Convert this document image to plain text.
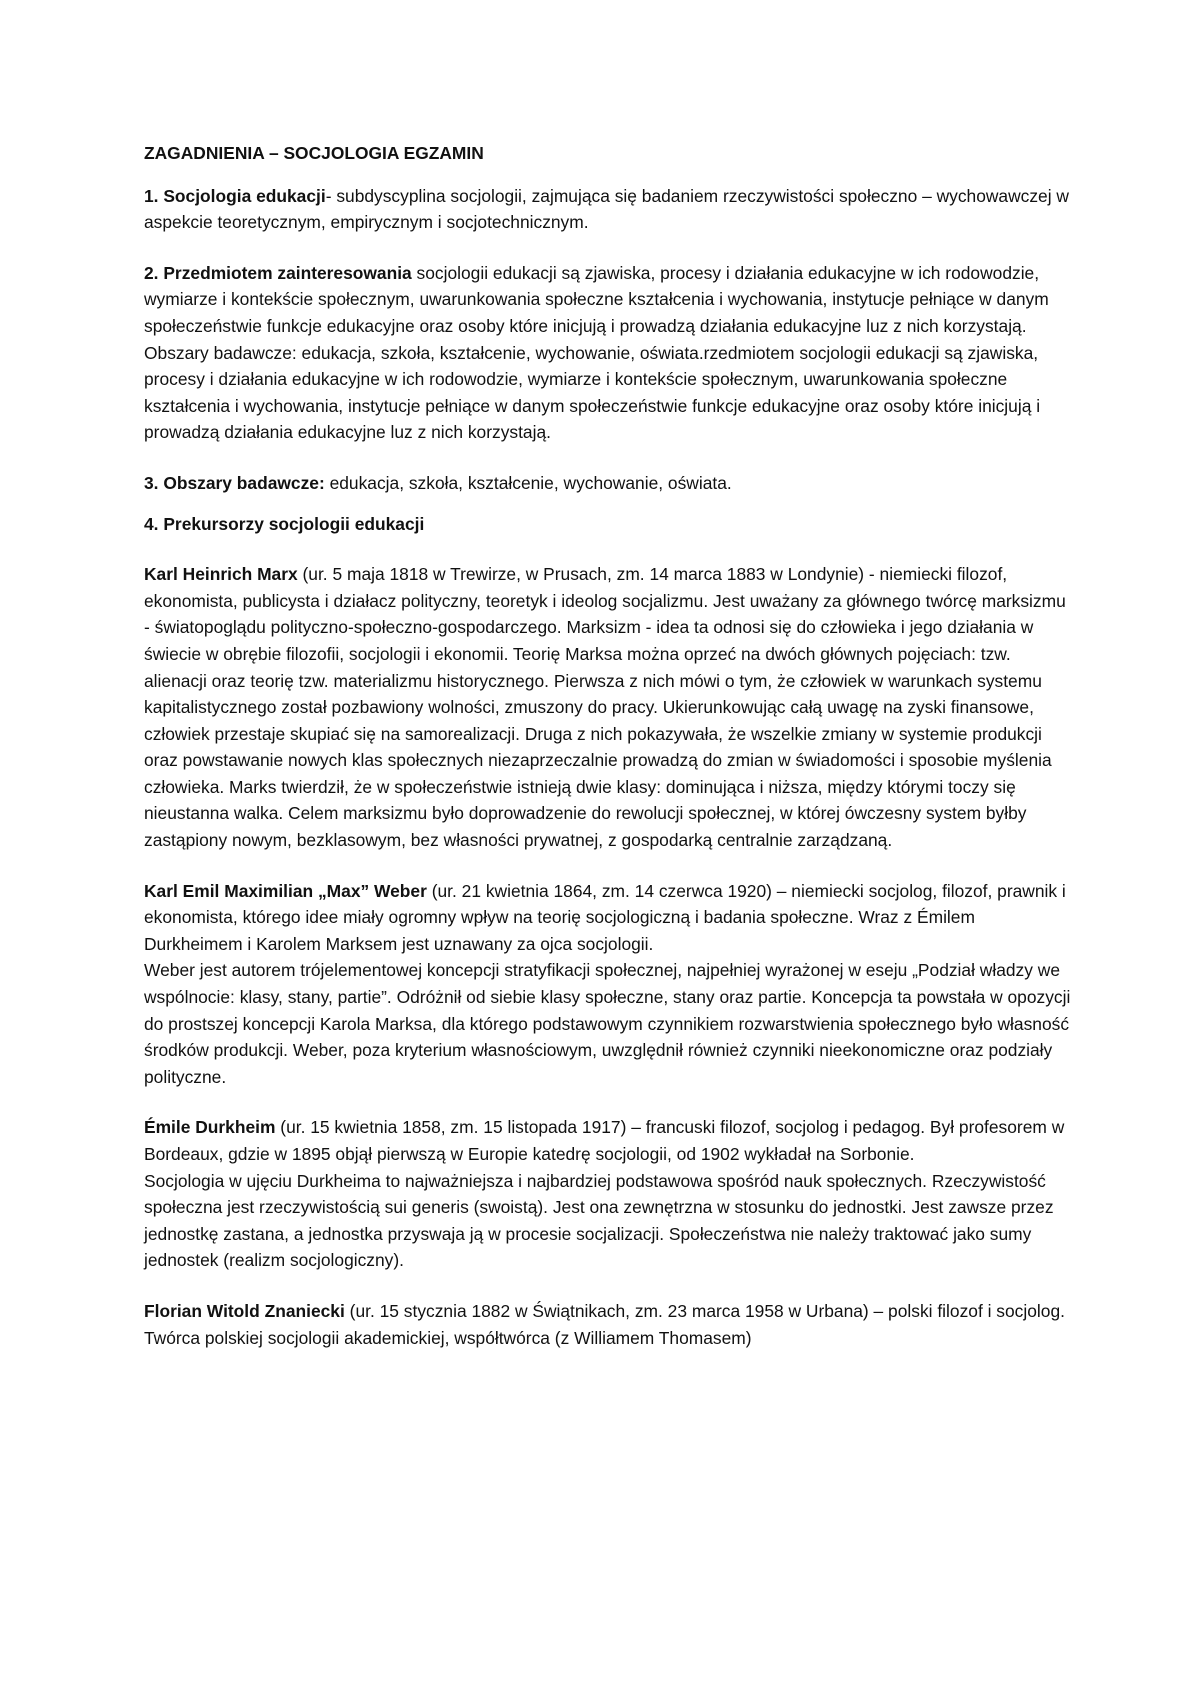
ZAGADNIENIA – SOCJOLOGIA EGZAMIN

1. Socjologia edukacji- subdyscyplina socjologii, zajmująca się badaniem rzeczywistości społeczno – wychowawczej w aspekcie teoretycznym, empirycznym i socjotechnicznym.

2. Przedmiotem zainteresowania socjologii edukacji są zjawiska, procesy i działania edukacyjne w ich rodowodzie, wymiarze i kontekście społecznym, uwarunkowania społeczne kształcenia i wychowania, instytucje pełniące w danym społeczeństwie funkcje edukacyjne oraz osoby które inicjują i prowadzą działania edukacyjne luz z nich korzystają. Obszary badawcze: edukacja, szkoła, kształcenie, wychowanie, oświata.rzedmiotem socjologii edukacji są zjawiska, procesy i działania edukacyjne w ich rodowodzie, wymiarze i kontekście społecznym, uwarunkowania społeczne kształcenia i wychowania, instytucje pełniące w danym społeczeństwie funkcje edukacyjne oraz osoby które inicjują i prowadzą działania edukacyjne luz z nich korzystają.

3. Obszary badawcze: edukacja, szkoła, kształcenie, wychowanie, oświata.

4. Prekursorzy socjologii edukacji

Karl Heinrich Marx (ur. 5 maja 1818 w Trewirze, w Prusach, zm. 14 marca 1883 w Londynie) - niemiecki filozof, ekonomista, publicysta i działacz polityczny, teoretyk i ideolog socjalizmu. Jest uważany za głównego twórcę marksizmu - światopoglądu polityczno-społeczno-gospodarczego. Marksizm - idea ta odnosi się do człowieka i jego działania w świecie w obrębie filozofii, socjologii i ekonomii. Teorię Marksa można oprzeć na dwóch głównych pojęciach: tzw. alienacji oraz teorię tzw. materializmu historycznego. Pierwsza z nich mówi o tym, że człowiek w warunkach systemu kapitalistycznego został pozbawiony wolności, zmuszony do pracy. Ukierunkowując całą uwagę na zyski finansowe, człowiek przestaje skupiać się na samorealizacji. Druga z nich pokazywała, że wszelkie zmiany w systemie produkcji oraz powstawanie nowych klas społecznych niezaprzeczalnie prowadzą do zmian w świadomości i sposobie myślenia człowieka. Marks twierdził, że w społeczeństwie istnieją dwie klasy: dominująca i niższa, między którymi toczy się nieustanna walka. Celem marksizmu było doprowadzenie do rewolucji społecznej, w której ówczesny system byłby zastąpiony nowym, bezklasowym, bez własności prywatnej, z gospodarką centralnie zarządzaną.

Karl Emil Maximilian „Max” Weber (ur. 21 kwietnia 1864, zm. 14 czerwca 1920) – niemiecki socjolog, filozof, prawnik i ekonomista, którego idee miały ogromny wpływ na teorię socjologiczną i badania społeczne. Wraz z Émilem Durkheimem i Karolem Marksem jest uznawany za ojca socjologii.

Weber jest autorem trójelementowej koncepcji stratyfikacji społecznej, najpełniej wyrażonej w eseju „Podział władzy we wspólnocie: klasy, stany, partie”. Odróżnił od siebie klasy społeczne, stany oraz partie. Koncepcja ta powstała w opozycji do prostszej koncepcji Karola Marksa, dla którego podstawowym czynnikiem rozwarstwienia społecznego było własność środków produkcji. Weber, poza kryterium własnościowym, uwzględnił również czynniki nieekonomiczne oraz podziały polityczne.

Émile Durkheim (ur. 15 kwietnia 1858, zm. 15 listopada 1917) – francuski filozof, socjolog i pedagog. Był profesorem w Bordeaux, gdzie w 1895 objął pierwszą w Europie katedrę socjologii, od 1902 wykładał na Sorbonie.

Socjologia w ujęciu Durkheima to najważniejsza i najbardziej podstawowa spośród nauk społecznych. Rzeczywistość społeczna jest rzeczywistością sui generis (swoistą). Jest ona zewnętrzna w stosunku do jednostki. Jest zawsze przez jednostkę zastana, a jednostka przyswaja ją w procesie socjalizacji. Społeczeństwa nie należy traktować jako sumy jednostek (realizm socjologiczny).

Florian Witold Znaniecki (ur. 15 stycznia 1882 w Świątnikach, zm. 23 marca 1958 w Urbana) – polski filozof i socjolog. Twórca polskiej socjologii akademickiej, współtwórca (z Williamem Thomasem)
